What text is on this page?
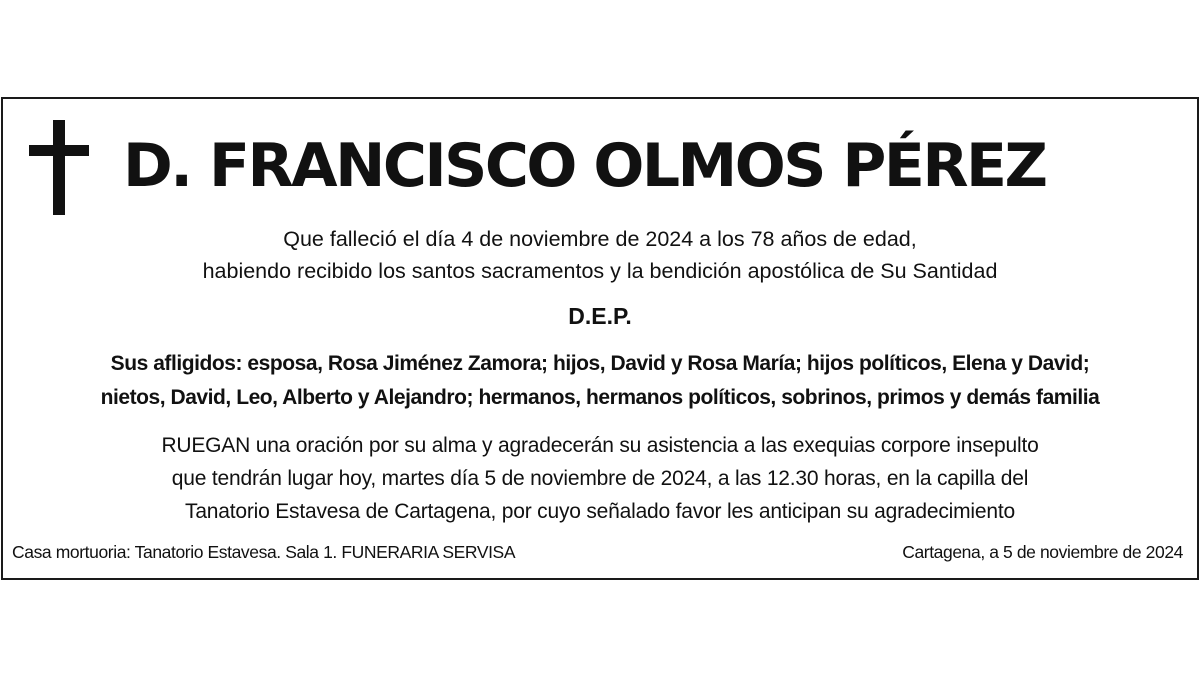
D. FRANCISCO OLMOS PÉREZ

Que falleció el día 4 de noviembre de 2024 a los 78 años de edad,
habiendo recibido los santos sacramentos y la bendición apostólica de Su Santidad

D.E.P.

Sus afligidos: esposa, Rosa Jiménez Zamora; hijos, David y Rosa María; hijos políticos, Elena y David;
nietos, David, Leo, Alberto y Alejandro; hermanos, hermanos políticos, sobrinos, primos y demás familia

RUEGAN una oración por su alma y agradecerán su asistencia a las exequias corpore insepulto
que tendrán lugar hoy, martes día 5 de noviembre de 2024, a las 12.30 horas, en la capilla del
Tanatorio Estavesa de Cartagena, por cuyo señalado favor les anticipan su agradecimiento

Casa mortuoria: Tanatorio Estavesa. Sala 1. FUNERARIA SERVISA	Cartagena, a 5 de noviembre de 2024
